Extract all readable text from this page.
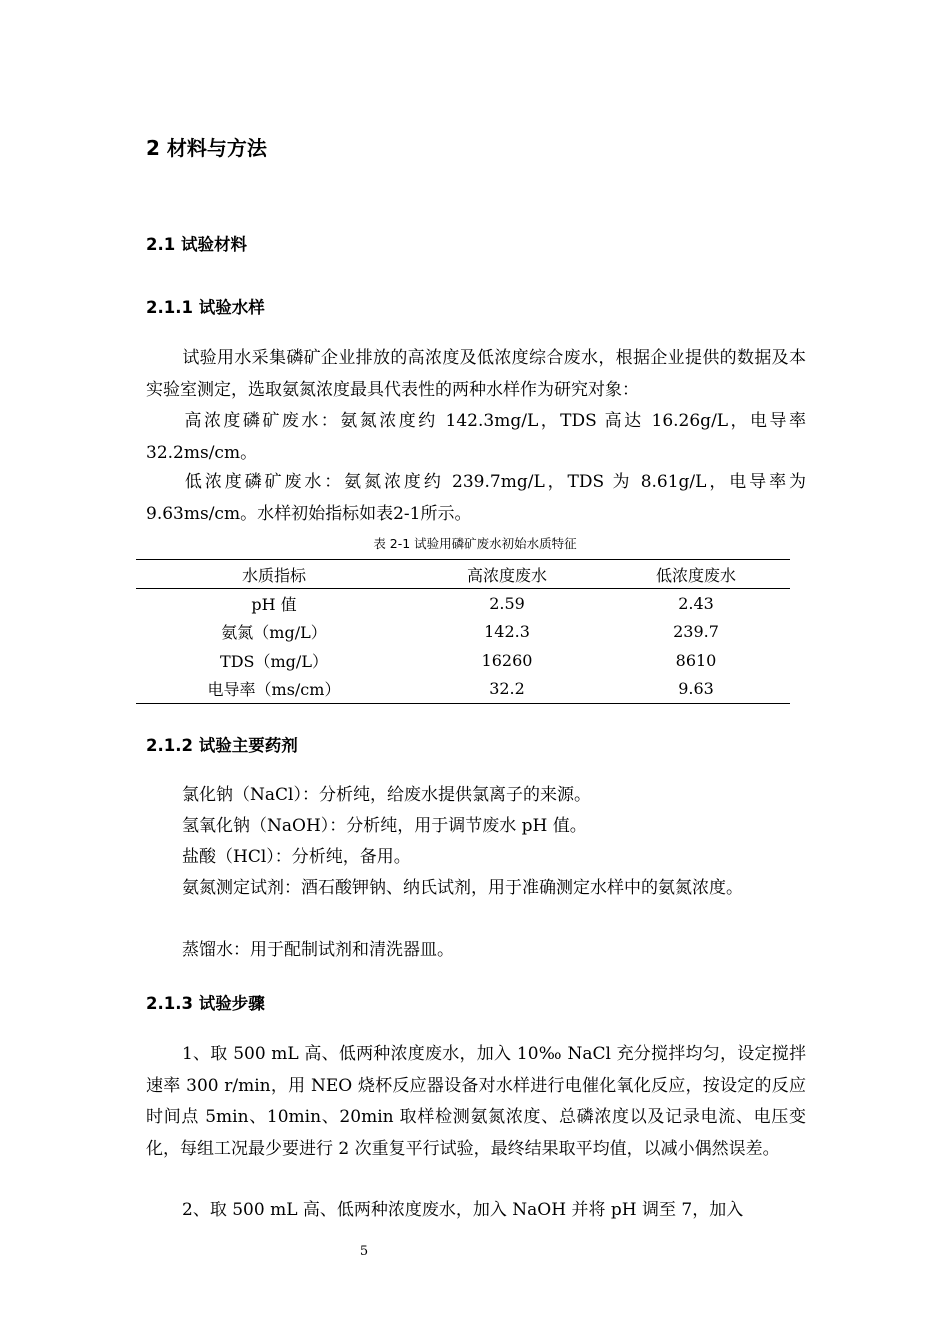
2 材料与方法
2.1 试验材料
2.1.1 试验水样

试验用水采集磷矿企业排放的高浓度及低浓度综合废水，根据企业提供的数据及本实验室测定，选取氨氮浓度最具代表性的两种水样作为研究对象：

高浓度磷矿废水：氨氮浓度约 142.3mg/L，TDS 高达 16.26g/L，电导率32.2ms/cm。

低浓度磷矿废水：氨氮浓度约 239.7mg/L，TDS 为 8.61g/L，电导率为9.63ms/cm。水样初始指标如表2-1所示。

表 2-1 试验用磷矿废水初始水质特征

水质指标	高浓度废水	低浓度废水
pH 值	2.59	2.43
氨氮（mg/L）	142.3	239.7
TDS（mg/L）	16260	8610
电导率（ms/cm）	32.2	9.63
2.1.2 试验主要药剂

氯化钠（NaCl）：分析纯，给废水提供氯离子的来源。

氢氧化钠（NaOH）：分析纯，用于调节废水 pH 值。

盐酸（HCl）：分析纯，备用。

氨氮测定试剂：酒石酸钾钠、纳氏试剂，用于准确测定水样中的氨氮浓度。

蒸馏水：用于配制试剂和清洗器皿。

2.1.3 试验步骤

1、取 500 mL 高、低两种浓度废水，加入 10‰ NaCl 充分搅拌均匀，设定搅拌速率 300 r/min，用 NEO 烧杯反应器设备对水样进行电催化氧化反应，按设定的反应时间点 5min、10min、20min 取样检测氨氮浓度、总磷浓度以及记录电流、电压变化，每组工况最少要进行 2 次重复平行试验，最终结果取平均值，以减小偶然误差。

2、取 500 mL 高、低两种浓度废水，加入 NaOH 并将 pH 调至 7，加入

5
